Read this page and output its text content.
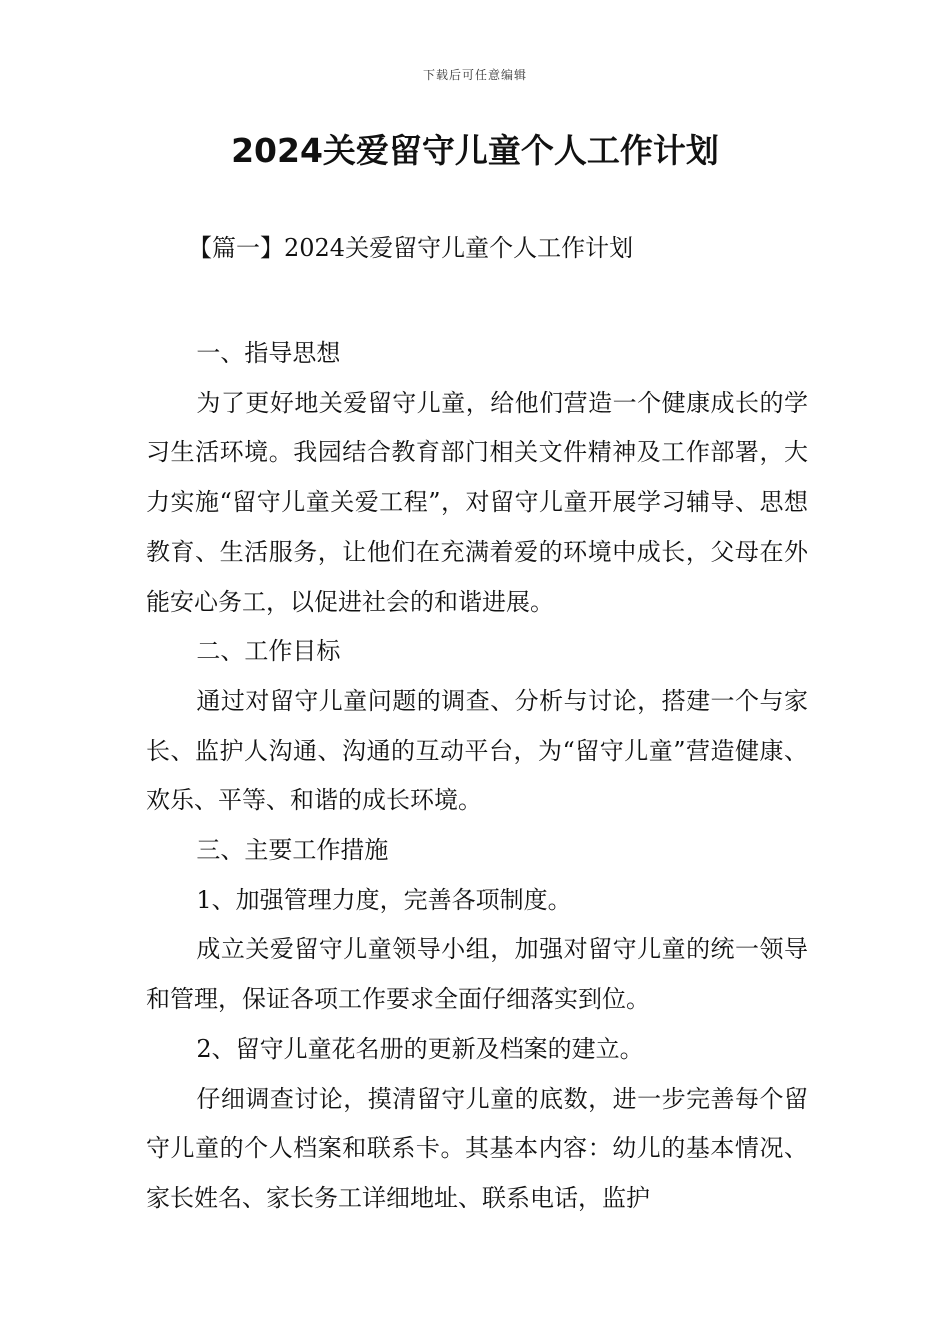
下载后可任意编辑
2024关爱留守儿童个人工作计划
【篇一】2024关爱留守儿童个人工作计划

一、指导思想

为了更好地关爱留守儿童，给他们营造一个健康成长的学习生活环境。我园结合教育部门相关文件精神及工作部署，大力实施“留守儿童关爱工程”，对留守儿童开展学习辅导、思想教育、生活服务，让他们在充满着爱的环境中成长，父母在外能安心务工，以促进社会的和谐进展。

二、工作目标

通过对留守儿童问题的调查、分析与讨论，搭建一个与家长、监护人沟通、沟通的互动平台，为“留守儿童”营造健康、欢乐、平等、和谐的成长环境。

三、主要工作措施

1、加强管理力度，完善各项制度。

成立关爱留守儿童领导小组，加强对留守儿童的统一领导和管理，保证各项工作要求全面仔细落实到位。

2、留守儿童花名册的更新及档案的建立。

仔细调查讨论，摸清留守儿童的底数，进一步完善每个留守儿童的个人档案和联系卡。其基本内容：幼儿的基本情况、家长姓名、家长务工详细地址、联系电话，监护
